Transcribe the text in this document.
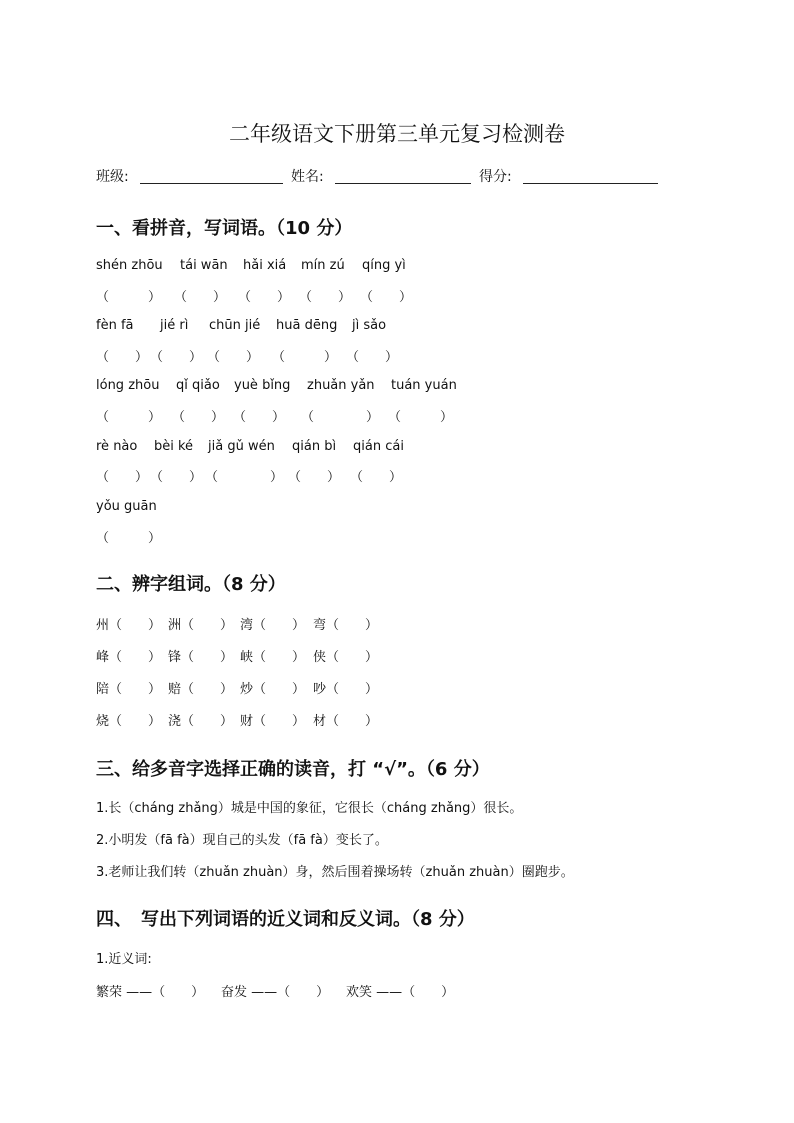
二年级语文下册第三单元复习检测卷
班级:	姓名:	得分:
一、看拼音，写词语。（10 分）
shén zhōu tái wān hǎi xiá mín zú qíng yì
（　　　） （　　） （　　） （　　） （　　）
fèn fā jié rì chūn jié huā dēng jì sǎo
（　　） （　　） （　　） （　　　） （　　）
lóng zhōu qǐ qiǎo yuè bǐng zhuǎn yǎn tuán yuán
（　　　） （　　） （　　） （　　　　） （　　　）
rè nào bèi ké jiǎ gǔ wén qián bì qián cái
（　　） （　　） （　　　　） （　　） （　　）
yǒu guān
（　　　）
二、辨字组词。（8 分）
州（　　） 洲（　　） 湾（　　） 弯（　　）
峰（　　） 锋（　　） 峡（　　） 侠（　　）
陪（　　） 赔（　　） 炒（　　） 吵（　　）
烧（　　） 浇（　　） 财（　　） 材（　　）
三、给多音字选择正确的读音，打 “√”。（6 分）
1.长（cháng zhǎng）城是中国的象征，它很长（cháng zhǎng）很长。
2.小明发（fā fà）现自己的头发（fā fà）变长了。
3.老师让我们转（zhuǎn zhuàn）身，然后围着操场转（zhuǎn zhuàn）圈跑步。
四、　写出下列词语的近义词和反义词。（8 分）
1.近义词:
繁荣 ——（　　） 奋发 ——（　　） 欢笑 ——（　　）
